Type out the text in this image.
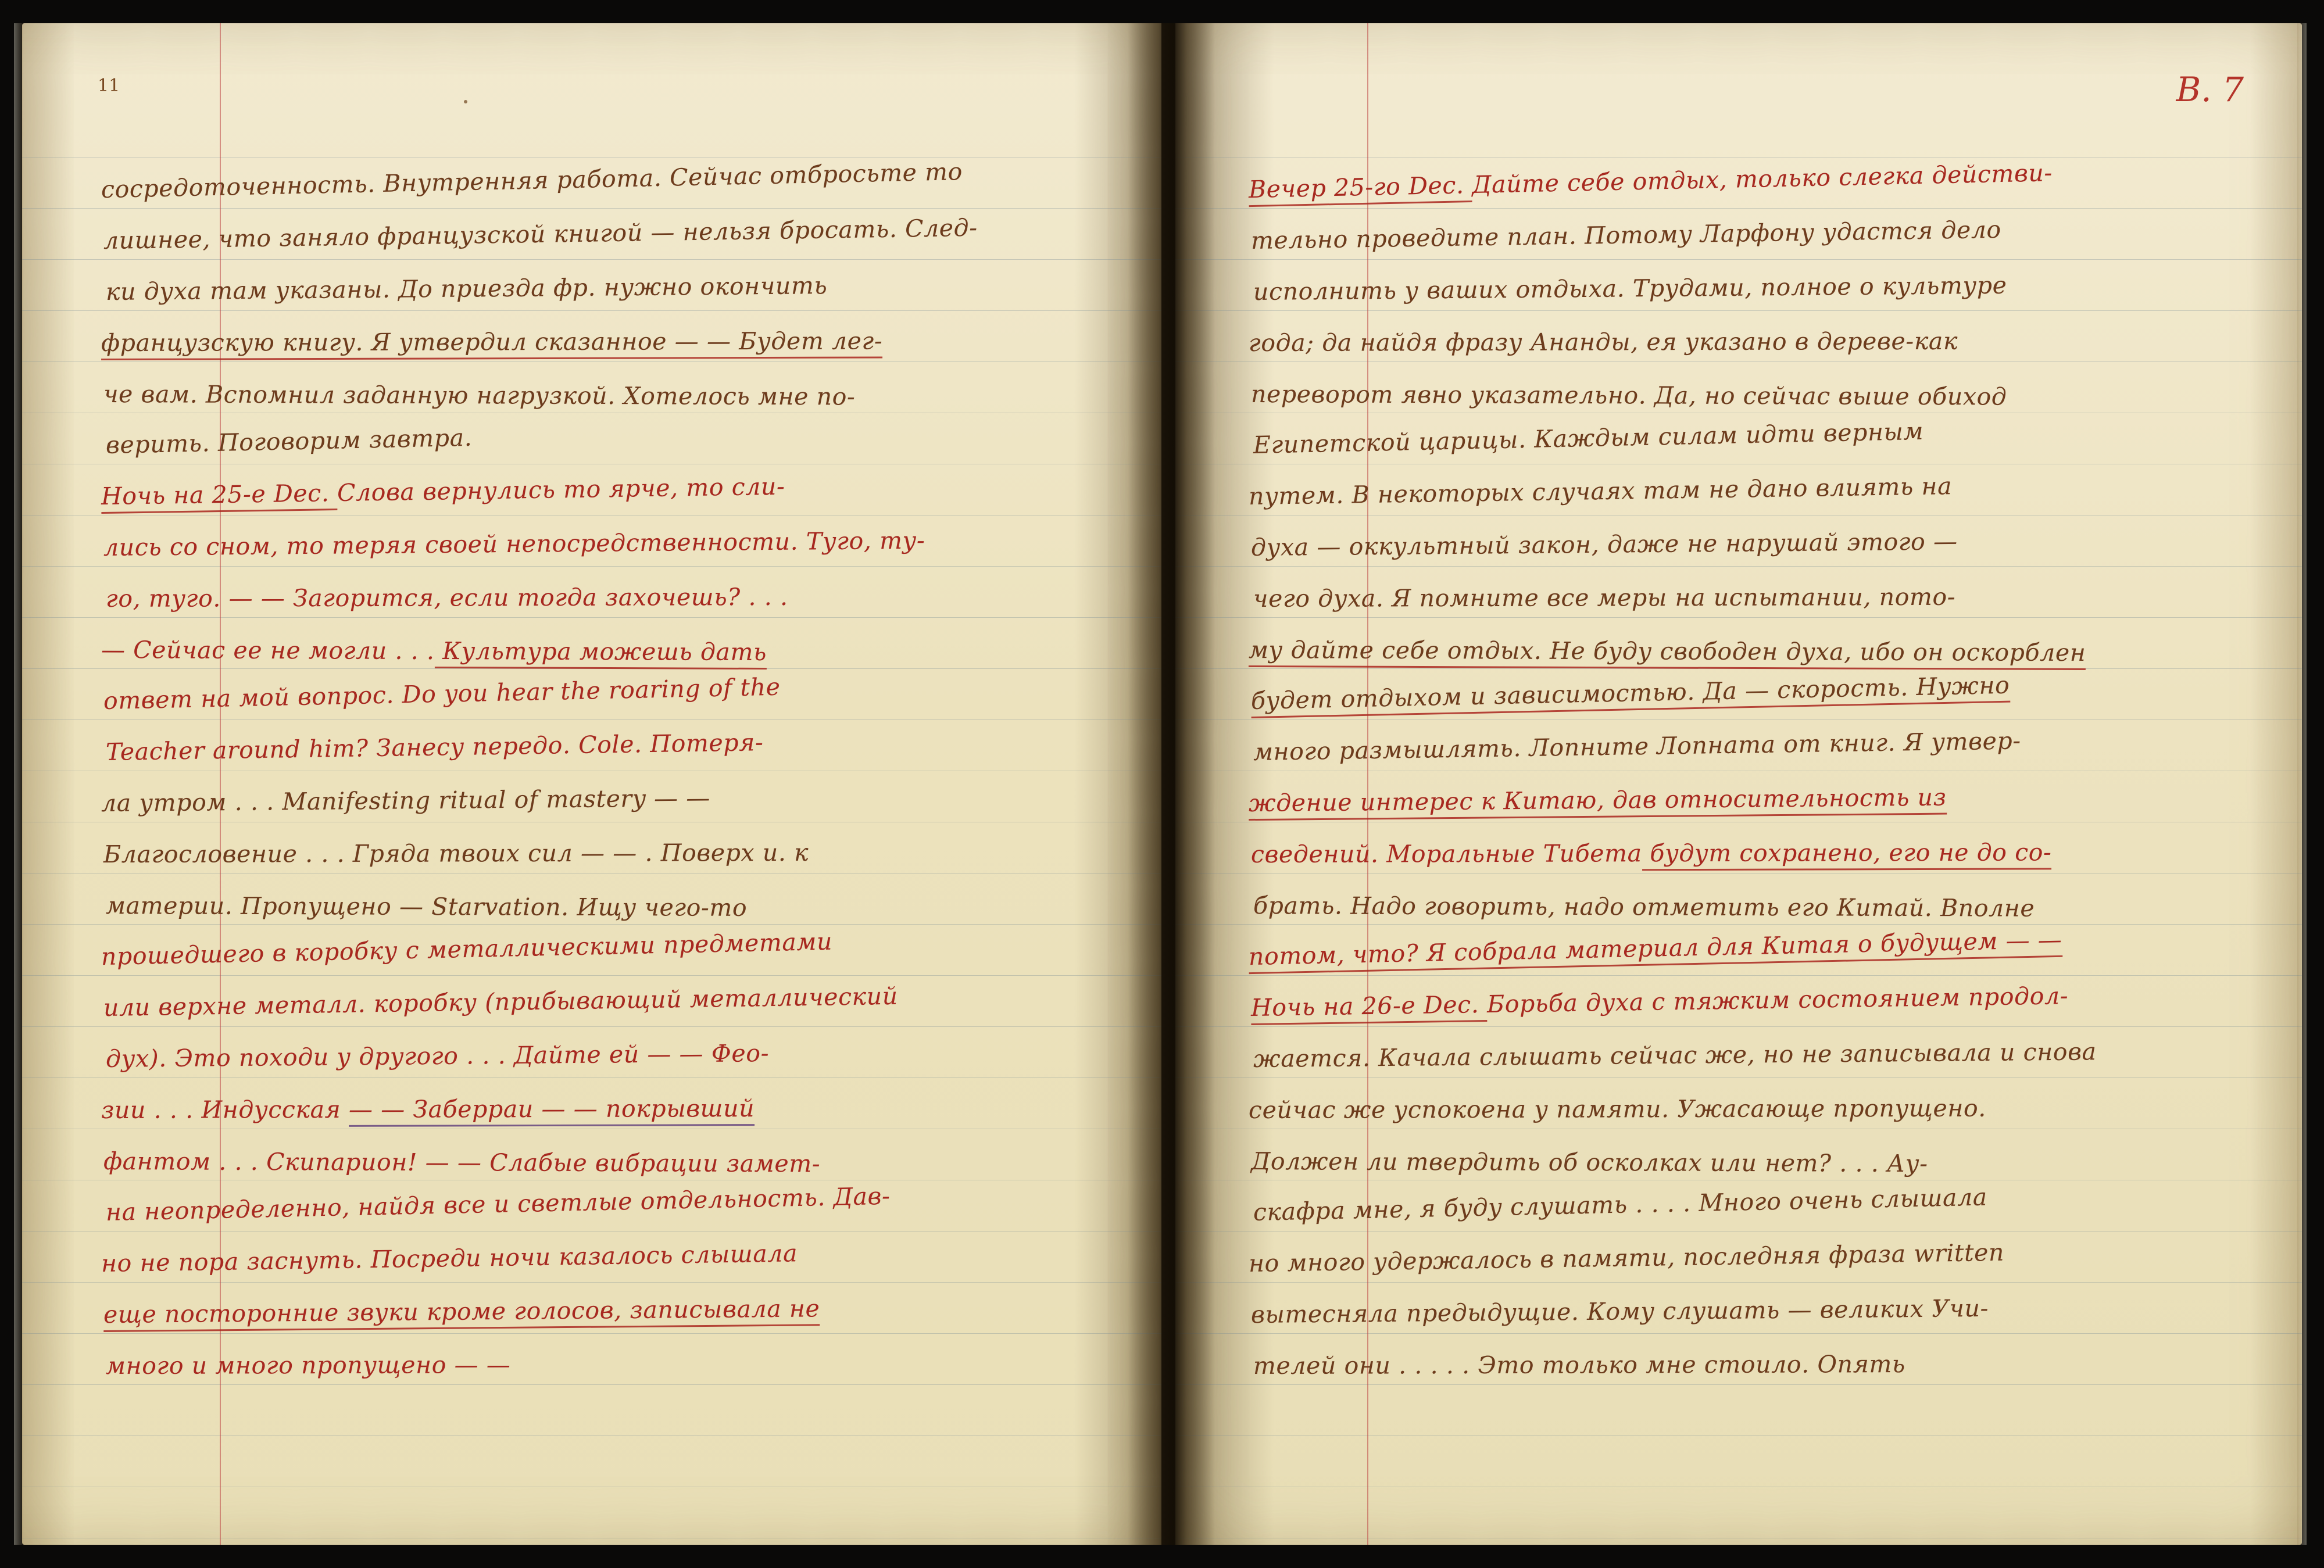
11
сосредоточенность. Внутренняя работа. Сейчас отбросьте то
лишнее, что заняло французской книгой — нельзя бросать. След-
ки духа там указаны. До приезда фр. нужно окончить
французскую книгу. Я утвердил сказанное — — Будет лег-
че вам. Вспомнил заданную нагрузкой. Хотелось мне по-
верить. Поговорим завтра.
Ночь на 25-е Dec. Слова вернулись то ярче, то сли-
лись со сном, то теряя своей непосредственности. Туго, ту-
го, туго. — — Загорится, если тогда захочешь? . . .
— Сейчас ее не могли . . . Культура можешь дать
ответ на мой вопрос. Do you hear the roaring of the
Teacher around him? Занесу передо. Cole. Потеря-
ла утром . . . Manifesting ritual of mastery — —
Благословение . . . Гряда твоих сил — — . Поверх и. к
материи. Пропущено — Starvation. Ищу чего-то
прошедшего в коробку с металлическими предметами
или верхне металл. коробку (прибывающий металлический
дух). Это походи у другого . . . Дайте ей — — Фео-
зии . . . Индусская — — Заберраи — — покрывший
фантом . . . Скипарион! — — Слабые вибрации замет-
на неопределенно, найдя все и светлые отдельность. Дав-
но не пора заснуть. Посреди ночи казалось слышала
еще посторонние звуки кроме голосов, записывала не
много и много пропущено — —
B. 7
Вечер 25-го Dec. Дайте себе отдых, только слегка действи-
тельно проведите план. Потому Ларфону удастся дело
исполнить у ваших отдыха. Трудами, полное о культуре
года; да найдя фразу Ананды, ея указано в дереве-как
переворот явно указательно. Да, но сейчас выше обиход
Египетской царицы. Каждым силам идти верным
путем. В некоторых случаях там не дано влиять на
духа — оккультный закон, даже не нарушай этого —
чего духа. Я помните все меры на испытании, пото-
му дайте себе отдых. Не буду свободен духа, ибо он оскорблен
будет отдыхом и зависимостью. Да — скорость. Нужно
много размышлять. Лопните Лопната от книг. Я утвер-
ждение интерес к Китаю, дав относительность из
сведений. Моральные Тибета будут сохранено, его не до со-
брать. Надо говорить, надо отметить его Китай. Вполне
потом, что? Я собрала материал для Китая о будущем — —
Ночь на 26-е Dec. Борьба духа с тяжким состоянием продол-
жается. Качала слышать сейчас же, но не записывала и снова
сейчас же успокоена у памяти. Ужасающе пропущено.
Должен ли твердить об осколках или нет? . . . Ау-
скафра мне, я буду слушать . . . . Много очень слышала
но много удержалось в памяти, последняя фраза written
вытесняла предыдущие. Кому слушать — великих Учи-
телей они . . . . . Это только мне стоило. Опять
